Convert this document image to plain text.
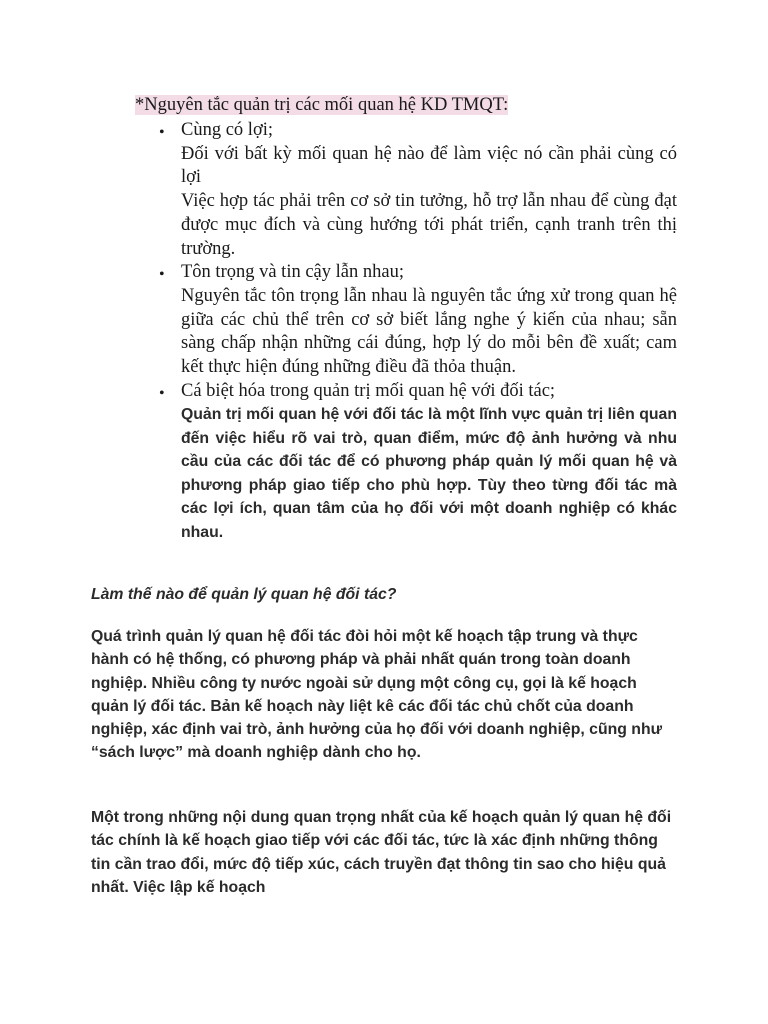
*Nguyên tắc quản trị các mối quan hệ KD TMQT:

• Cùng có lợi;

Đối với bất kỳ mối quan hệ nào để làm việc nó cần phải cùng có lợi

Việc hợp tác phải trên cơ sở tin tưởng, hỗ trợ lẫn nhau để cùng đạt được mục đích và cùng hướng tới phát triển, cạnh tranh trên thị trường.

• Tôn trọng và tin cậy lẫn nhau;

Nguyên tắc tôn trọng lẫn nhau là nguyên tắc ứng xử trong quan hệ giữa các chủ thể trên cơ sở biết lắng nghe ý kiến của nhau; sẵn sàng chấp nhận những cái đúng, hợp lý do mỗi bên đề xuất; cam kết thực hiện đúng những điều đã thỏa thuận.

• Cá biệt hóa trong quản trị mối quan hệ với đối tác;

Quản trị mối quan hệ với đối tác là một lĩnh vực quản trị liên quan đến việc hiểu rõ vai trò, quan điểm, mức độ ảnh hưởng và nhu cầu của các đối tác để có phương pháp quản lý mối quan hệ và phương pháp giao tiếp cho phù hợp. Tùy theo từng đối tác mà các lợi ích, quan tâm của họ đối với một doanh nghiệp có khác nhau.

Làm thế nào để quản lý quan hệ đối tác?

Quá trình quản lý quan hệ đối tác đòi hỏi một kế hoạch tập trung và thực hành có hệ thống, có phương pháp và phải nhất quán trong toàn doanh nghiệp. Nhiều công ty nước ngoài sử dụng một công cụ, gọi là kế hoạch quản lý đối tác. Bản kế hoạch này liệt kê các đối tác chủ chốt của doanh nghiệp, xác định vai trò, ảnh hưởng của họ đối với doanh nghiệp, cũng như “sách lược” mà doanh nghiệp dành cho họ.

Một trong những nội dung quan trọng nhất của kế hoạch quản lý quan hệ đối tác chính là kế hoạch giao tiếp với các đối tác, tức là xác định những thông tin cần trao đổi, mức độ tiếp xúc, cách truyền đạt thông tin sao cho hiệu quả nhất. Việc lập kế hoạch
